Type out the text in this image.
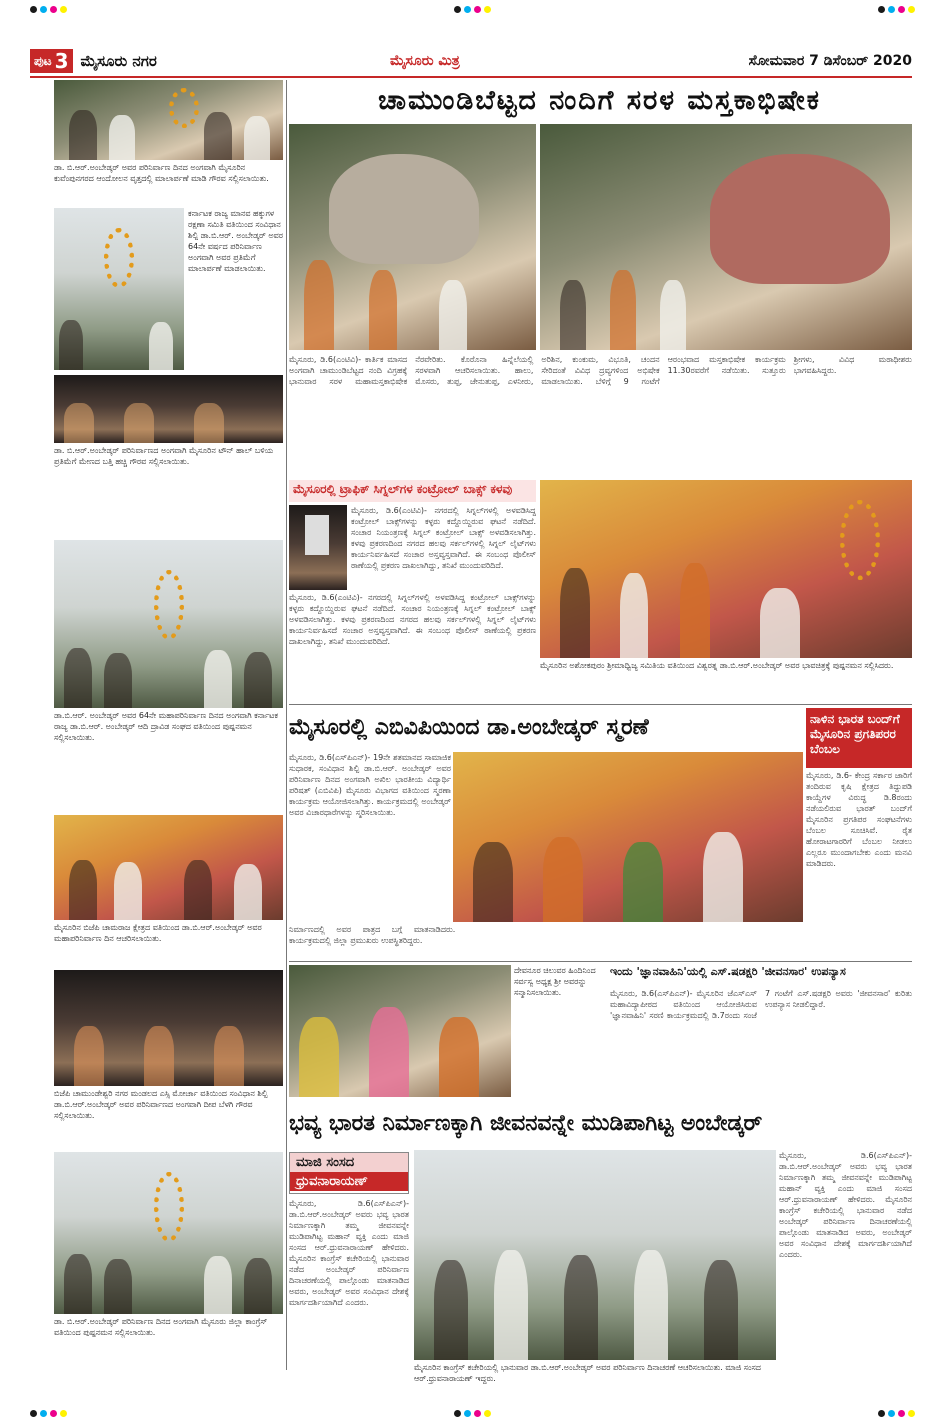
ಪುಟ 3 ಮೈಸೂರು ನಗರ	ಮೈಸೂರು ಮಿತ್ರ	ಸೋಮವಾರ 7 ಡಿಸೆಂಬರ್ 2020
ಡಾ. ಬಿ.ಆರ್.ಅಂಬೇಡ್ಕರ್ ಅವರ ಪರಿನಿರ್ವಾಣ ದಿನದ ಅಂಗವಾಗಿ ಮೈಸೂರಿನ ಕುವೆಂಪುನಗರದ ಆಂದೋಲನ ವೃತ್ತದಲ್ಲಿ ಮಾಲಾರ್ಪಣೆ ಮಾಡಿ ಗೌರವ ಸಲ್ಲಿಸಲಾಯಿತು.
ಕರ್ನಾಟಕ ರಾಜ್ಯ ಮಾನವ ಹಕ್ಕುಗಳ ರಕ್ಷಣಾ ಸಮಿತಿ ವತಿಯಿಂದ ಸಂವಿಧಾನ ಶಿಲ್ಪಿ ಡಾ.ಬಿ.ಆರ್. ಅಂಬೇಡ್ಕರ್ ಅವರ 64ನೇ ವರ್ಷದ ಪರಿನಿರ್ವಾಣ ಅಂಗವಾಗಿ ಅವರ ಪ್ರತಿಮೆಗೆ ಮಾಲಾರ್ಪಣೆ ಮಾಡಲಾಯಿತು.
ಡಾ. ಬಿ.ಆರ್.ಅಂಬೇಡ್ಕರ್ ಪರಿನಿರ್ವಾಣದ ಅಂಗವಾಗಿ ಮೈಸೂರಿನ ಟೌನ್ ಹಾಲ್ ಬಳಿಯ ಪ್ರತಿಮೆಗೆ ಮೇಣದ ಬತ್ತಿ ಹಚ್ಚಿ ಗೌರವ ಸಲ್ಲಿಸಲಾಯಿತು.
ಡಾ.ಬಿ.ಆರ್. ಅಂಬೇಡ್ಕರ್ ಅವರ 64ನೇ ಮಹಾಪರಿನಿರ್ವಾಣ ದಿನದ ಅಂಗವಾಗಿ ಕರ್ನಾಟಕ ರಾಜ್ಯ ಡಾ.ಬಿ.ಆರ್. ಅಂಬೇಡ್ಕರ್ ಆದಿ ದ್ರಾವಿಡ ಸಂಘದ ವತಿಯಿಂದ ಪುಷ್ಪನಮನ ಸಲ್ಲಿಸಲಾಯಿತು.
ಮೈಸೂರಿನ ಬಿಜೆಪಿ ಚಾಮರಾಜ ಕ್ಷೇತ್ರದ ವತಿಯಿಂದ ಡಾ.ಬಿ.ಆರ್.ಅಂಬೇಡ್ಕರ್ ಅವರ ಮಹಾಪರಿನಿರ್ವಾಣ ದಿನ ಆಚರಿಸಲಾಯಿತು.
ಬಿಜೆಪಿ ಚಾಮುಂಡೇಶ್ವರಿ ನಗರ ಮಂಡಲದ ಎಸ್ಸಿ ಮೋರ್ಚಾ ವತಿಯಿಂದ ಸಂವಿಧಾನ ಶಿಲ್ಪಿ ಡಾ.ಬಿ.ಆರ್.ಅಂಬೇಡ್ಕರ್ ಅವರ ಪರಿನಿರ್ವಾಣದ ಅಂಗವಾಗಿ ದೀಪ ಬೆಳಗಿ ಗೌರವ ಸಲ್ಲಿಸಲಾಯಿತು.
ಡಾ. ಬಿ.ಆರ್.ಅಂಬೇಡ್ಕರ್ ಪರಿನಿರ್ವಾಣ ದಿನದ ಅಂಗವಾಗಿ ಮೈಸೂರು ಜಿಲ್ಲಾ ಕಾಂಗ್ರೆಸ್ ವತಿಯಿಂದ ಪುಷ್ಪನಮನ ಸಲ್ಲಿಸಲಾಯಿತು.
ಚಾಮುಂಡಿಬೆಟ್ಟದ ನಂದಿಗೆ ಸರಳ ಮಸ್ತಕಾಭಿಷೇಕ
ಮೈಸೂರು, ಡಿ.6(ಎಂಟಿವಿ)- ಕಾರ್ತಿಕ ಮಾಸದ ಅಂಗವಾಗಿ ಚಾಮುಂಡಿಬೆಟ್ಟದ ನಂದಿ ವಿಗ್ರಹಕ್ಕೆ ಭಾನುವಾರ ಸರಳ ಮಹಾಮಸ್ತಕಾಭಿಷೇಕ ನೆರವೇರಿತು. ಕೊರೊನಾ ಹಿನ್ನೆಲೆಯಲ್ಲಿ ಸರಳವಾಗಿ ಆಚರಿಸಲಾಯಿತು. ಹಾಲು, ಮೊಸರು, ತುಪ್ಪ, ಜೇನುತುಪ್ಪ, ಎಳನೀರು, ಅರಿಶಿನ, ಕುಂಕುಮ, ವಿಭೂತಿ, ಚಂದನ ಸೇರಿದಂತೆ ವಿವಿಧ ದ್ರವ್ಯಗಳಿಂದ ಅಭಿಷೇಕ ಮಾಡಲಾಯಿತು. ಬೆಳಿಗ್ಗೆ 9 ಗಂಟೆಗೆ ಆರಂಭವಾದ ಮಸ್ತಕಾಭಿಷೇಕ ಕಾರ್ಯಕ್ರಮ 11.30ರವರೆಗೆ ನಡೆಯಿತು. ಸುತ್ತೂರು ಶ್ರೀಗಳು, ವಿವಿಧ ಮಠಾಧೀಶರು ಭಾಗವಹಿಸಿದ್ದರು.
ಮೈಸೂರಲ್ಲಿ ಟ್ರಾಫಿಕ್ ಸಿಗ್ನಲ್‌ಗಳ ಕಂಟ್ರೋಲ್ ಬಾಕ್ಸ್ ಕಳವು
ಮೈಸೂರು, ಡಿ.6(ಎಂಟಿವಿ)- ನಗರದಲ್ಲಿ ಸಿಗ್ನಲ್‌ಗಳಲ್ಲಿ ಅಳವಡಿಸಿದ್ದ ಕಂಟ್ರೋಲ್ ಬಾಕ್ಸ್‌ಗಳನ್ನು ಕಳ್ಳರು ಕದ್ದೊಯ್ದಿರುವ ಘಟನೆ ನಡೆದಿದೆ. ಸಂಚಾರ ನಿಯಂತ್ರಣಕ್ಕೆ ಸಿಗ್ನಲ್ ಕಂಟ್ರೋಲ್ ಬಾಕ್ಸ್ ಅಳವಡಿಸಲಾಗಿತ್ತು. ಕಳವು ಪ್ರಕರಣದಿಂದ ನಗರದ ಹಲವು ಸರ್ಕಲ್‌ಗಳಲ್ಲಿ ಸಿಗ್ನಲ್ ಲೈಟ್‌ಗಳು ಕಾರ್ಯನಿರ್ವಹಿಸದೆ ಸಂಚಾರ ಅಸ್ತವ್ಯಸ್ತವಾಗಿದೆ. ಈ ಸಂಬಂಧ ಪೊಲೀಸ್ ಠಾಣೆಯಲ್ಲಿ ಪ್ರಕರಣ ದಾಖಲಾಗಿದ್ದು, ತನಿಖೆ ಮುಂದುವರಿದಿದೆ.
ಮೈಸೂರು, ಡಿ.6(ಎಂಟಿವಿ)- ನಗರದಲ್ಲಿ ಸಿಗ್ನಲ್‌ಗಳಲ್ಲಿ ಅಳವಡಿಸಿದ್ದ ಕಂಟ್ರೋಲ್ ಬಾಕ್ಸ್‌ಗಳನ್ನು ಕಳ್ಳರು ಕದ್ದೊಯ್ದಿರುವ ಘಟನೆ ನಡೆದಿದೆ. ಸಂಚಾರ ನಿಯಂತ್ರಣಕ್ಕೆ ಸಿಗ್ನಲ್ ಕಂಟ್ರೋಲ್ ಬಾಕ್ಸ್ ಅಳವಡಿಸಲಾಗಿತ್ತು. ಕಳವು ಪ್ರಕರಣದಿಂದ ನಗರದ ಹಲವು ಸರ್ಕಲ್‌ಗಳಲ್ಲಿ ಸಿಗ್ನಲ್ ಲೈಟ್‌ಗಳು ಕಾರ್ಯನಿರ್ವಹಿಸದೆ ಸಂಚಾರ ಅಸ್ತವ್ಯಸ್ತವಾಗಿದೆ. ಈ ಸಂಬಂಧ ಪೊಲೀಸ್ ಠಾಣೆಯಲ್ಲಿ ಪ್ರಕರಣ ದಾಖಲಾಗಿದ್ದು, ತನಿಖೆ ಮುಂದುವರಿದಿದೆ.
ಮೈಸೂರಿನ ಅಶೋಕಪುರಂ ಶ್ರೀಮಾಧ್ವಿಜ್ಯ ಸಮಿತಿಯ ವತಿಯಿಂದ ವಿಶ್ವರತ್ನ ಡಾ.ಬಿ.ಆರ್.ಅಂಬೇಡ್ಕರ್ ಅವರ ಭಾವಚಿತ್ರಕ್ಕೆ ಪುಷ್ಪನಮನ ಸಲ್ಲಿಸಿದರು.
ಮೈಸೂರಲ್ಲಿ ಎಬಿವಿಪಿಯಿಂದ ಡಾ.ಅಂಬೇಡ್ಕರ್ ಸ್ಮರಣೆ
ಮೈಸೂರು, ಡಿ.6(ಎಸ್‌ಪಿಎನ್)- 19ನೇ ಶತಮಾನದ ಸಾಮಾಜಿಕ ಸುಧಾರಕ, ಸಂವಿಧಾನ ಶಿಲ್ಪಿ ಡಾ.ಬಿ.ಆರ್. ಅಂಬೇಡ್ಕರ್ ಅವರ ಪರಿನಿರ್ವಾಣ ದಿನದ ಅಂಗವಾಗಿ ಅಖಿಲ ಭಾರತೀಯ ವಿದ್ಯಾರ್ಥಿ ಪರಿಷತ್ (ಎಬಿವಿಪಿ) ಮೈಸೂರು ವಿಭಾಗದ ವತಿಯಿಂದ ಸ್ಮರಣಾ ಕಾರ್ಯಕ್ರಮ ಆಯೋಜಿಸಲಾಗಿತ್ತು. ಕಾರ್ಯಕ್ರಮದಲ್ಲಿ ಅಂಬೇಡ್ಕರ್ ಅವರ ವಿಚಾರಧಾರೆಗಳನ್ನು ಸ್ಮರಿಸಲಾಯಿತು.
ನಿರ್ಮಾಣದಲ್ಲಿ ಅವರ ಪಾತ್ರದ ಬಗ್ಗೆ ಮಾತನಾಡಿದರು. ಕಾರ್ಯಕ್ರಮದಲ್ಲಿ ಜಿಲ್ಲಾ ಪ್ರಮುಖರು ಉಪಸ್ಥಿತರಿದ್ದರು.
ನಾಳಿನ ಭಾರತ ಬಂದ್‌ಗೆ ಮೈಸೂರಿನ ಪ್ರಗತಿಪರರ ಬೆಂಬಲ
ಮೈಸೂರು, ಡಿ.6- ಕೇಂದ್ರ ಸರ್ಕಾರ ಜಾರಿಗೆ ತಂದಿರುವ ಕೃಷಿ ಕ್ಷೇತ್ರದ ತಿದ್ದುಪಡಿ ಕಾಯ್ದೆಗಳ ವಿರುದ್ಧ ಡಿ.8ರಂದು ನಡೆಯಲಿರುವ ಭಾರತ್ ಬಂದ್‌ಗೆ ಮೈಸೂರಿನ ಪ್ರಗತಿಪರ ಸಂಘಟನೆಗಳು ಬೆಂಬಲ ಸೂಚಿಸಿವೆ. ರೈತ ಹೋರಾಟಗಾರರಿಗೆ ಬೆಂಬಲ ನೀಡಲು ಎಲ್ಲರೂ ಮುಂದಾಗಬೇಕು ಎಂದು ಮನವಿ ಮಾಡಿದರು.
ದೇವನೂರ ಚಿಲುವರ ಹಿಂದಿನಿಂದ ಸರ್ವಸ್ವ ಅಧ್ಯಕ್ಷ ಶ್ರೀ ಅವರನ್ನು ಸನ್ಮಾನಿಸಲಾಯಿತು.
ಇಂದು 'ಜ್ಞಾನವಾಹಿನಿ'ಯಲ್ಲಿ ಎಸ್.ಷಡಕ್ಷರಿ 'ಜೀವನಸಾರ' ಉಪನ್ಯಾಸ
ಮೈಸೂರು, ಡಿ.6(ಎಸ್‌ಪಿಎನ್)- ಮೈಸೂರಿನ ಜೆಎಸ್‌ಎಸ್ ಮಹಾವಿದ್ಯಾಪೀಠದ ವತಿಯಿಂದ ಆಯೋಜಿಸಿರುವ 'ಜ್ಞಾನವಾಹಿನಿ' ಸರಣಿ ಕಾರ್ಯಕ್ರಮದಲ್ಲಿ ಡಿ.7ರಂದು ಸಂಜೆ 7 ಗಂಟೆಗೆ ಎಸ್.ಷಡಕ್ಷರಿ ಅವರು 'ಜೀವನಸಾರ' ಕುರಿತು ಉಪನ್ಯಾಸ ನೀಡಲಿದ್ದಾರೆ.
ಭವ್ಯ ಭಾರತ ನಿರ್ಮಾಣಕ್ಕಾಗಿ ಜೀವನವನ್ನೇ ಮುಡಿಪಾಗಿಟ್ಟ ಅಂಬೇಡ್ಕರ್
ಮಾಜಿ ಸಂಸದ
ಧ್ರುವನಾರಾಯಣ್
ಮೈಸೂರು, ಡಿ.6(ಎಸ್‌ಪಿಎನ್)- ಡಾ.ಬಿ.ಆರ್.ಅಂಬೇಡ್ಕರ್ ಅವರು ಭವ್ಯ ಭಾರತ ನಿರ್ಮಾಣಕ್ಕಾಗಿ ತಮ್ಮ ಜೀವನವನ್ನೇ ಮುಡಿಪಾಗಿಟ್ಟ ಮಹಾನ್ ವ್ಯಕ್ತಿ ಎಂದು ಮಾಜಿ ಸಂಸದ ಆರ್.ಧ್ರುವನಾರಾಯಣ್ ಹೇಳಿದರು. ಮೈಸೂರಿನ ಕಾಂಗ್ರೆಸ್ ಕಚೇರಿಯಲ್ಲಿ ಭಾನುವಾರ ನಡೆದ ಅಂಬೇಡ್ಕರ್ ಪರಿನಿರ್ವಾಣ ದಿನಾಚರಣೆಯಲ್ಲಿ ಪಾಲ್ಗೊಂಡು ಮಾತನಾಡಿದ ಅವರು, ಅಂಬೇಡ್ಕರ್ ಅವರ ಸಂವಿಧಾನ ದೇಶಕ್ಕೆ ಮಾರ್ಗದರ್ಶಿಯಾಗಿದೆ ಎಂದರು.
ಮೈಸೂರಿನ ಕಾಂಗ್ರೆಸ್ ಕಚೇರಿಯಲ್ಲಿ ಭಾನುವಾರ ಡಾ.ಬಿ.ಆರ್.ಅಂಬೇಡ್ಕರ್ ಅವರ ಪರಿನಿರ್ವಾಣ ದಿನಾಚರಣೆ ಆಚರಿಸಲಾಯಿತು. ಮಾಜಿ ಸಂಸದ ಆರ್.ಧ್ರುವನಾರಾಯಣ್ ಇದ್ದರು.
ಮೈಸೂರು, ಡಿ.6(ಎಸ್‌ಪಿಎನ್)- ಡಾ.ಬಿ.ಆರ್.ಅಂಬೇಡ್ಕರ್ ಅವರು ಭವ್ಯ ಭಾರತ ನಿರ್ಮಾಣಕ್ಕಾಗಿ ತಮ್ಮ ಜೀವನವನ್ನೇ ಮುಡಿಪಾಗಿಟ್ಟ ಮಹಾನ್ ವ್ಯಕ್ತಿ ಎಂದು ಮಾಜಿ ಸಂಸದ ಆರ್.ಧ್ರುವನಾರಾಯಣ್ ಹೇಳಿದರು. ಮೈಸೂರಿನ ಕಾಂಗ್ರೆಸ್ ಕಚೇರಿಯಲ್ಲಿ ಭಾನುವಾರ ನಡೆದ ಅಂಬೇಡ್ಕರ್ ಪರಿನಿರ್ವಾಣ ದಿನಾಚರಣೆಯಲ್ಲಿ ಪಾಲ್ಗೊಂಡು ಮಾತನಾಡಿದ ಅವರು, ಅಂಬೇಡ್ಕರ್ ಅವರ ಸಂವಿಧಾನ ದೇಶಕ್ಕೆ ಮಾರ್ಗದರ್ಶಿಯಾಗಿದೆ ಎಂದರು.
